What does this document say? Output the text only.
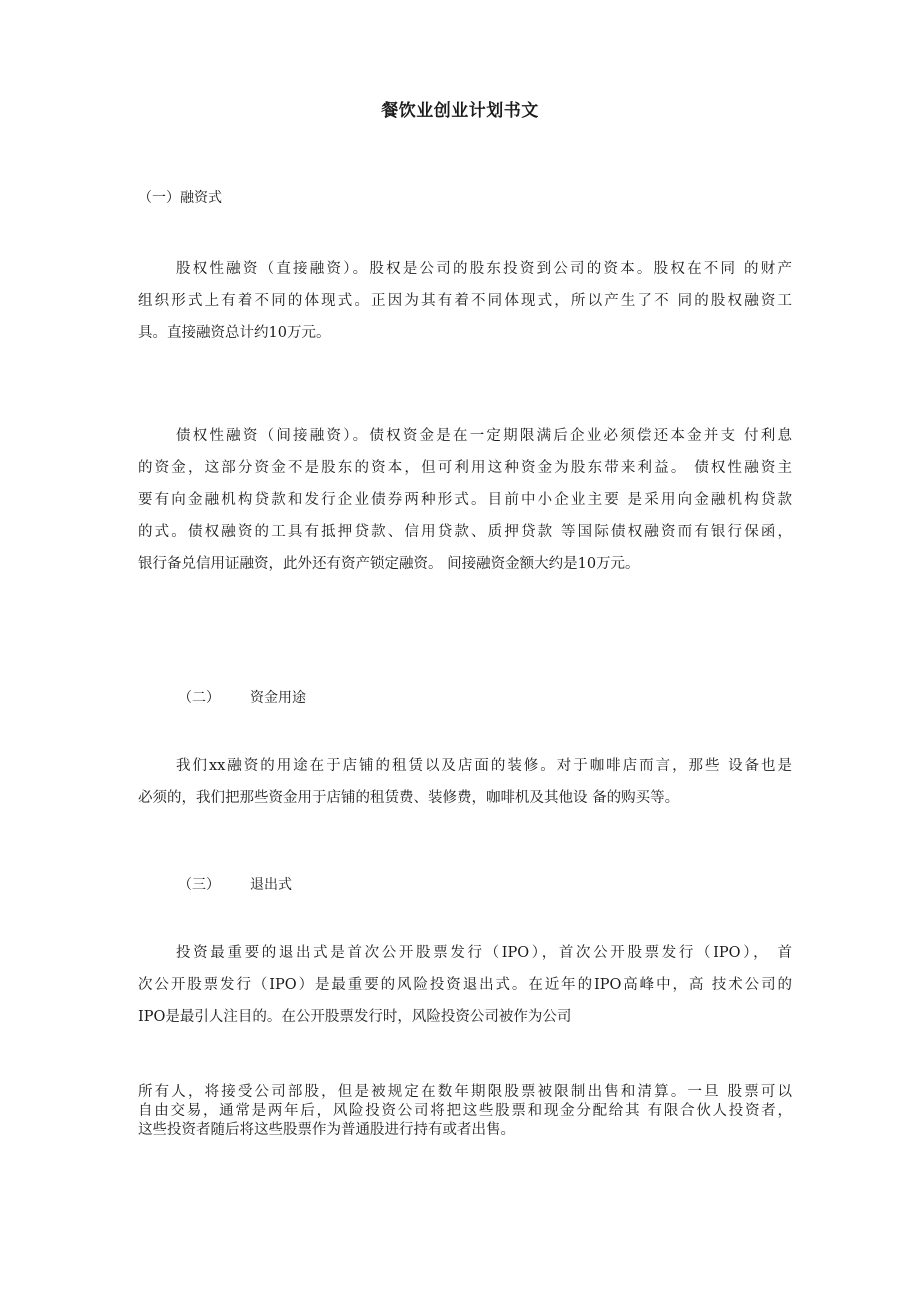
餐饮业创业计划书文
（一）融资式
股权性融资（直接融资）。股权是公司的股东投资到公司的资本。股权在不同 的财产
组织形式上有着不同的体现式。正因为其有着不同体现式，所以产生了不 同的股权融资工
具。直接融资总计约10万元。
债权性融资（间接融资）。债权资金是在一定期限满后企业必须偿还本金并支 付利息
的资金，这部分资金不是股东的资本，但可利用这种资金为股东带来利益。 债权性融资主
要有向金融机构贷款和发行企业债券两种形式。目前中小企业主要 是采用向金融机构贷款
的式。债权融资的工具有抵押贷款、信用贷款、质押贷款 等国际债权融资而有银行保函，
银行备兑信用证融资，此外还有资产锁定融资。 间接融资金额大约是10万元。
（二） 资金用途
我们xx融资的用途在于店铺的租赁以及店面的装修。对于咖啡店而言，那些 设备也是
必须的，我们把那些资金用于店铺的租赁费、装修费，咖啡机及其他设 备的购买等。
（三） 退出式
投资最重要的退出式是首次公开股票发行（IPO），首次公开股票发行（IPO）， 首
次公开股票发行（IPO）是最重要的风险投资退出式。在近年的IPO高峰中，高 技术公司的
IPO是最引人注目的。在公开股票发行时，风险投资公司被作为公司
所有人，将接受公司部股，但是被规定在数年期限股票被限制出售和清算。一旦 股票可以
自由交易，通常是两年后，风险投资公司将把这些股票和现金分配给其 有限合伙人投资者，
这些投资者随后将这些股票作为普通股进行持有或者出售。
